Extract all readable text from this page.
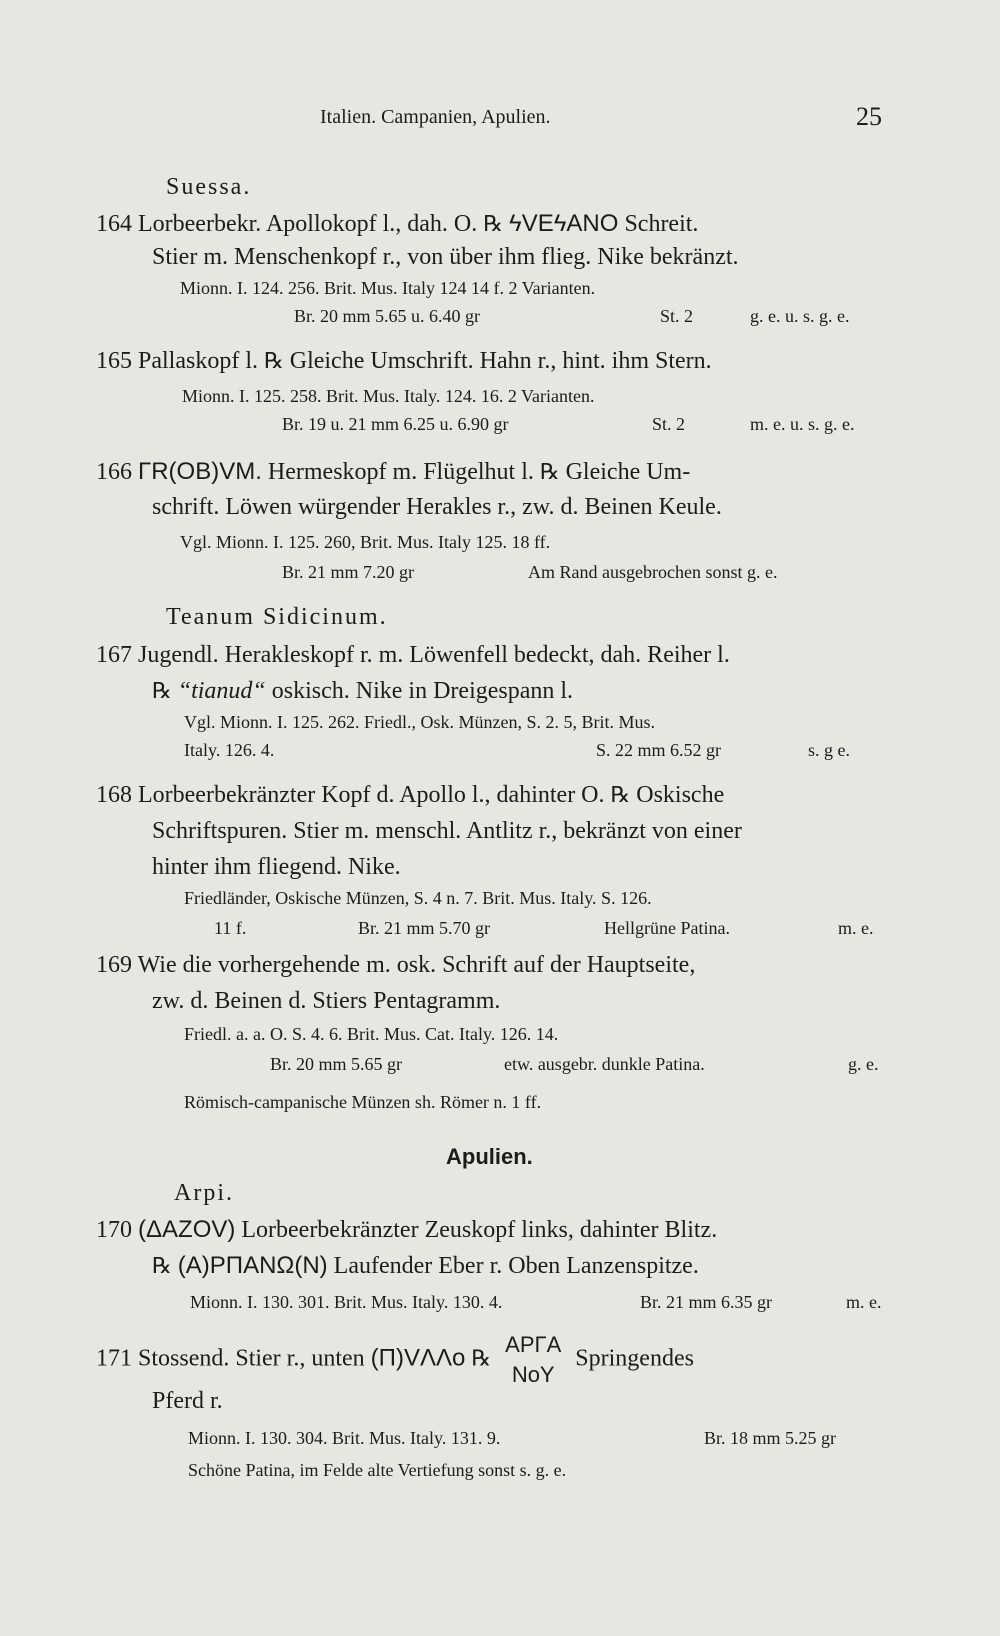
Italien. Campanien, Apulien.	25
Suessa.
164 Lorbeerbekr. Apollokopf l., dah. O. ℞ ϟVEϟANO Schreit.
Stier m. Menschenkopf r., von über ihm flieg. Nike bekränzt.
Mionn. I. 124. 256. Brit. Mus. Italy 124 14 f. 2 Varianten.
Br. 20 mm 5.65 u. 6.40 gr	St. 2	g. e. u. s. g. e.
165 Pallaskopf l. ℞ Gleiche Umschrift. Hahn r., hint. ihm Stern.
Mionn. I. 125. 258. Brit. Mus. Italy. 124. 16. 2 Varianten.
Br. 19 u. 21 mm 6.25 u. 6.90 gr	St. 2	m. e. u. s. g. e.
166 ΓR(OB)VM. Hermeskopf m. Flügelhut l. ℞ Gleiche Um-
schrift. Löwen würgender Herakles r., zw. d. Beinen Keule.
Vgl. Mionn. I. 125. 260, Brit. Mus. Italy 125. 18 ff.
Br. 21 mm 7.20 gr	Am Rand ausgebrochen sonst g. e.
Teanum Sidicinum.
167 Jugendl. Herakleskopf r. m. Löwenfell bedeckt, dah. Reiher l.
℞ “tianud“ oskisch. Nike in Dreigespann l.
Vgl. Mionn. I. 125. 262. Friedl., Osk. Münzen, S. 2. 5, Brit. Mus.
Italy. 126. 4.	S. 22 mm 6.52 gr	s. g e.
168 Lorbeerbekränzter Kopf d. Apollo l., dahinter O. ℞ Oskische
Schriftspuren. Stier m. menschl. Antlitz r., bekränzt von einer
hinter ihm fliegend. Nike.
Friedländer, Oskische Münzen, S. 4 n. 7. Brit. Mus. Italy. S. 126.
11 f.	Br. 21 mm 5.70 gr	Hellgrüne Patina.	m. e.
169 Wie die vorhergehende m. osk. Schrift auf der Hauptseite,
zw. d. Beinen d. Stiers Pentagramm.
Friedl. a. a. O. S. 4. 6. Brit. Mus. Cat. Italy. 126. 14.
Br. 20 mm 5.65 gr	etw. ausgebr. dunkle Patina.	g. e.
Römisch-campanische Münzen sh. Römer n. 1 ff.
Apulien.
Arpi.
170 (ΔAZOV) Lorbeerbekränzter Zeuskopf links, dahinter Blitz.
℞ (A)PΠANΩ(N) Laufender Eber r. Oben Lanzenspitze.
Mionn. I. 130. 301. Brit. Mus. Italy. 130. 4.	Br. 21 mm 6.35 gr	m. e.
171 Stossend. Stier r., unten (Π)VΛΛo ℞
APΓA
NoY
Springendes
Pferd r.
Mionn. I. 130. 304. Brit. Mus. Italy. 131. 9.	Br. 18 mm 5.25 gr
Schöne Patina, im Felde alte Vertiefung sonst s. g. e.
